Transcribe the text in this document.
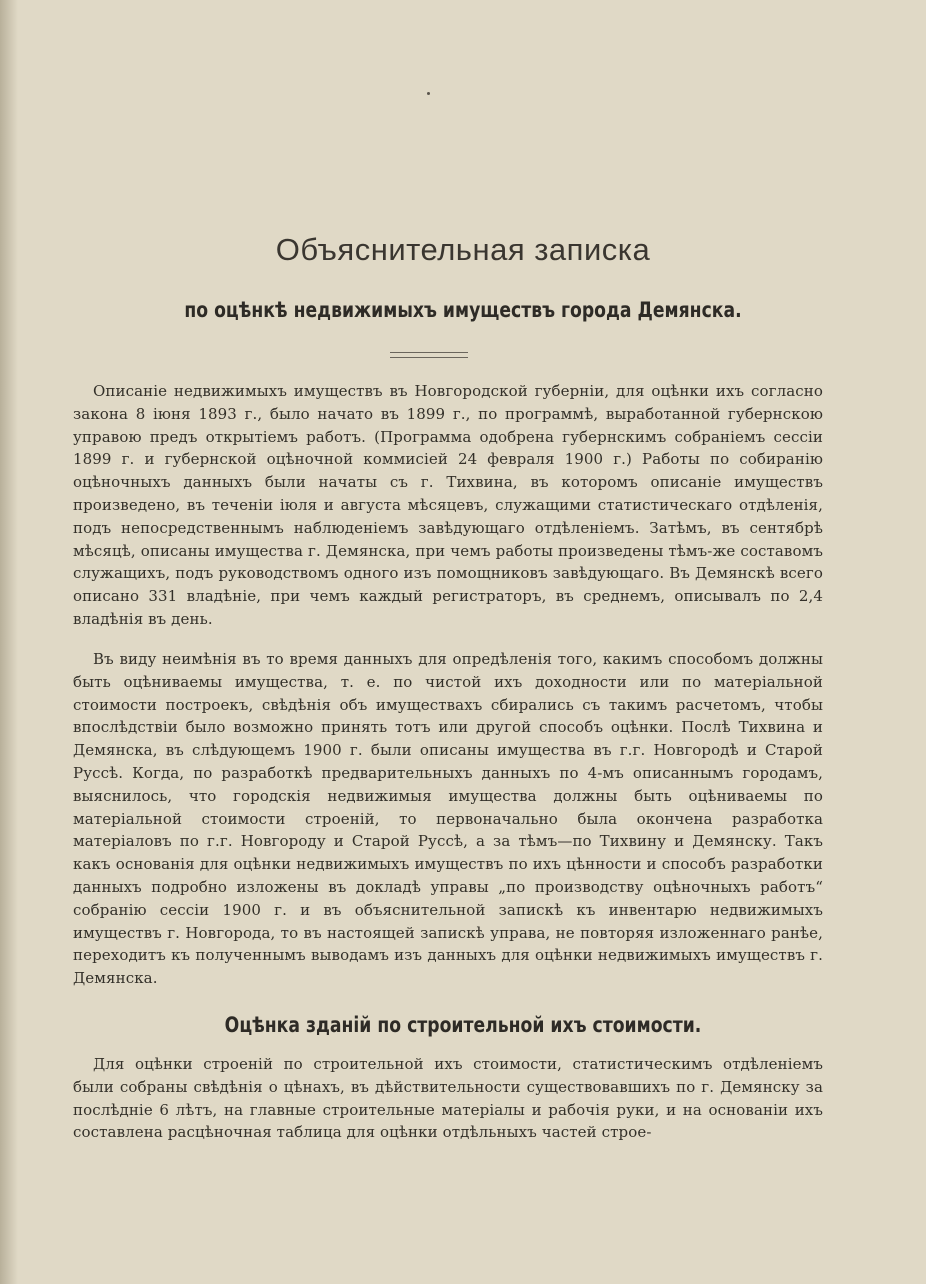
Объяснительная записка
по оцѣнкѣ недвижимыхъ имуществъ города Демянска.

Описаніе недвижимыхъ имуществъ въ Новгородской губерніи, для оцѣнки ихъ согласно закона 8 іюня 1893 г., было начато въ 1899 г., по программѣ, выработанной губернскою управою предъ открытіемъ работъ. (Программа одобрена губернскимъ собраніемъ сессіи 1899 г. и губернской оцѣночной коммисіей 24 февраля 1900 г.) Работы по собиранію оцѣночныхъ данныхъ были начаты съ г. Тихвина, въ которомъ описаніе имуществъ произведено, въ теченіи іюля и августа мѣсяцевъ, служащими статистическаго отдѣленія, подъ непосредственнымъ наблюденіемъ завѣдующаго отдѣленіемъ. Затѣмъ, въ сентябрѣ мѣсяцѣ, описаны имущества г. Демянска, при чемъ работы произведены тѣмъ-же составомъ служащихъ, подъ руководствомъ одного изъ помощниковъ завѣдующаго. Въ Демянскѣ всего описано 331 владѣніе, при чемъ каждый регистраторъ, въ среднемъ, описывалъ по 2,4 владѣнія въ день.

Въ виду неимѣнія въ то время данныхъ для опредѣленія того, какимъ способомъ должны быть оцѣниваемы имущества, т. е. по чистой ихъ доходности или по матеріальной стоимости построекъ, свѣдѣнія объ имуществахъ сбирались съ такимъ расчетомъ, чтобы впослѣдствіи было возможно принять тотъ или другой способъ оцѣнки. Послѣ Тихвина и Демянска, въ слѣдующемъ 1900 г. были описаны имущества въ г.г. Новгородѣ и Старой Руссѣ. Когда, по разработкѣ предварительныхъ данныхъ по 4-мъ описаннымъ городамъ, выяснилось, что городскія недвижимыя имущества должны быть оцѣниваемы по матеріальной стоимости строеній, то первоначально была окончена разработка матеріаловъ по г.г. Новгороду и Старой Руссѣ, а за тѣмъ—по Тихвину и Демянску. Такъ какъ основанія для оцѣнки недвижимыхъ имуществъ по ихъ цѣнности и способъ разработки данныхъ подробно изложены въ докладѣ управы „по производству оцѣночныхъ работъ“ собранію сессіи 1900 г. и въ объяснительной запискѣ къ инвентарю недвижимыхъ имуществъ г. Новгорода, то въ настоящей запискѣ управа, не повторяя изложеннаго ранѣе, переходитъ къ полученнымъ выводамъ изъ данныхъ для оцѣнки недвижимыхъ имуществъ г. Демянска.

Оцѣнка зданій по строительной ихъ стоимости.

Для оцѣнки строеній по строительной ихъ стоимости, статистическимъ отдѣленіемъ были собраны свѣдѣнія о цѣнахъ, въ дѣйствительности существовавшихъ по г. Демянску за послѣдніе 6 лѣтъ, на главные строительные матеріалы и рабочія руки, и на основаніи ихъ составлена расцѣночная таблица для оцѣнки отдѣльныхъ частей строе-
